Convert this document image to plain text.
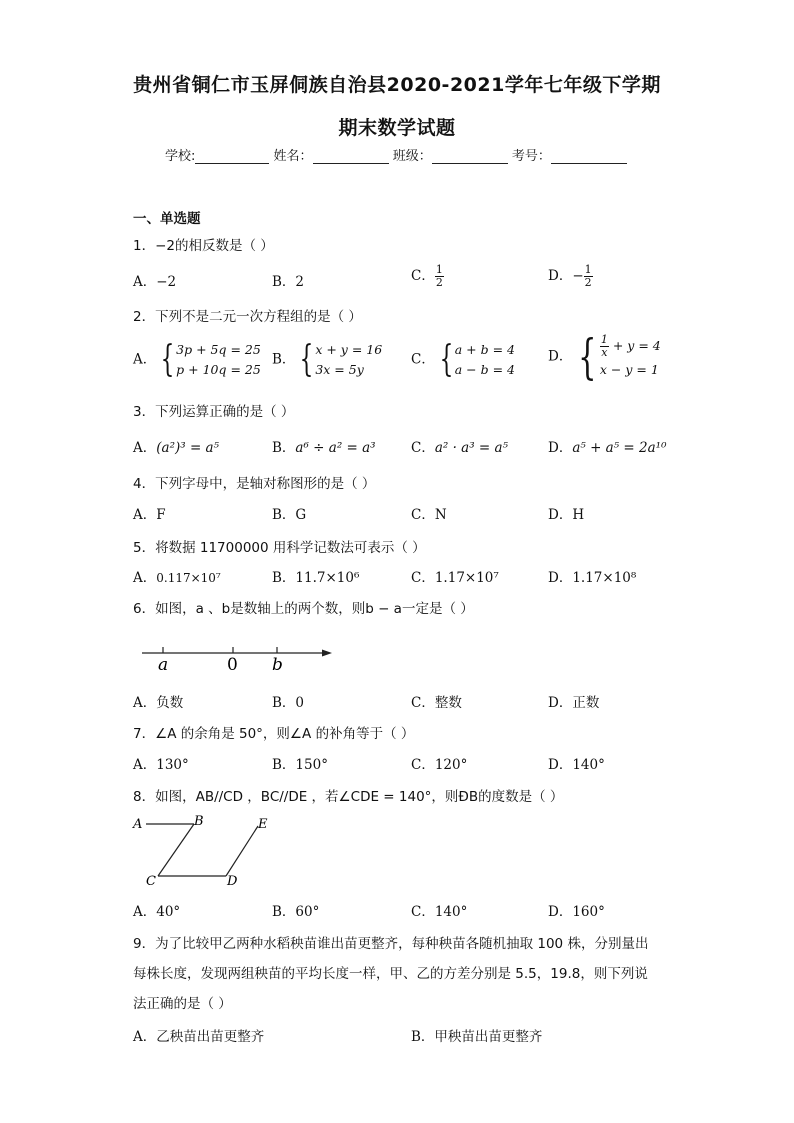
贵州省铜仁市玉屏侗族自治县2020-2021学年七年级下学期
期末数学试题
学校:	姓名：	班级：	考号：
一、单选题
1．−2的相反数是（ ）
A．−2	B．2	C． $\frac{1}{2}$	D．− $\frac{1}{2}$
2．下列不是二元一次方程组的是（ ）
A． { 3p + 5q = 25
p + 10q = 25
B． { x + y = 16
3x = 5y
C． { a + b = 4
a − b = 4
D． { $\frac{1}{x} + y = 4$
x − y = 1
3．下列运算正确的是（ ）
A．(a²)³ = a⁵	B．a⁶ ÷ a² = a³	C．a² · a³ = a⁵	D．a⁵ + a⁵ = 2a¹⁰
4．下列字母中，是轴对称图形的是（ ）
A．F	B．G	C．N	D．H
5．将数据 11700000 用科学记数法可表示（ ）
A．0.117×10⁷	B．11.7×10⁶	C．1.17×10⁷	D．1.17×10⁸
6．如图，a 、b是数轴上的两个数，则b − a一定是（ ）
a	0 b
A．负数	B．0	C．整数	D．正数
7．∠A 的余角是 50°，则∠A 的补角等于（ ）
A．130°	B．150°	C．120°	D．140°
8．如图，AB//CD ，BC//DE ，若∠CDE = 140°，则ÐB的度数是（ ）
A	B
C	D
E
A．40°	B．60°	C．140°	D．160°
9．为了比较甲乙两种水稻秧苗谁出苗更整齐，每种秧苗各随机抽取 100 株，分别量出
每株长度，发现两组秧苗的平均长度一样，甲、乙的方差分别是 5.5，19.8，则下列说
法正确的是（ ）
A．乙秧苗出苗更整齐	B．甲秧苗出苗更整齐
